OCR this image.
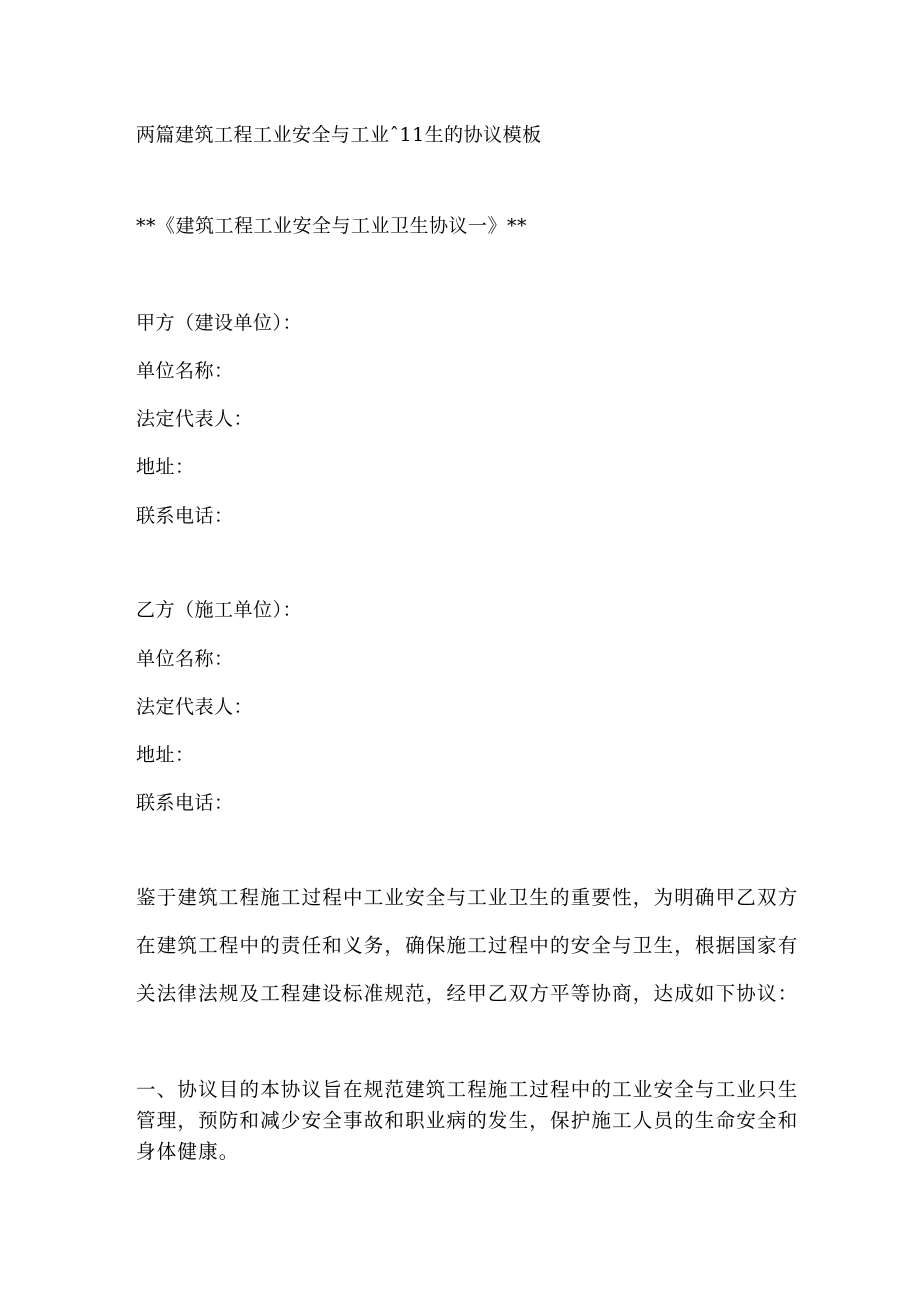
两篇建筑工程工业安全与工业ˆ11生的协议模板
**《建筑工程工业安全与工业卫生协议一》**
甲方（建设单位）：
单位名称：
法定代表人：
地址：
联系电话：
乙方（施工单位）：
单位名称：
法定代表人：
地址：
联系电话：
鉴于建筑工程施工过程中工业安全与工业卫生的重要性，为明确甲乙双方
在建筑工程中的责任和义务，确保施工过程中的安全与卫生，根据国家有
关法律法规及工程建设标准规范，经甲乙双方平等协商，达成如下协议：
一、协议目的本协议旨在规范建筑工程施工过程中的工业安全与工业只生
管理，预防和减少安全事故和职业病的发生，保护施工人员的生命安全和
身体健康。
